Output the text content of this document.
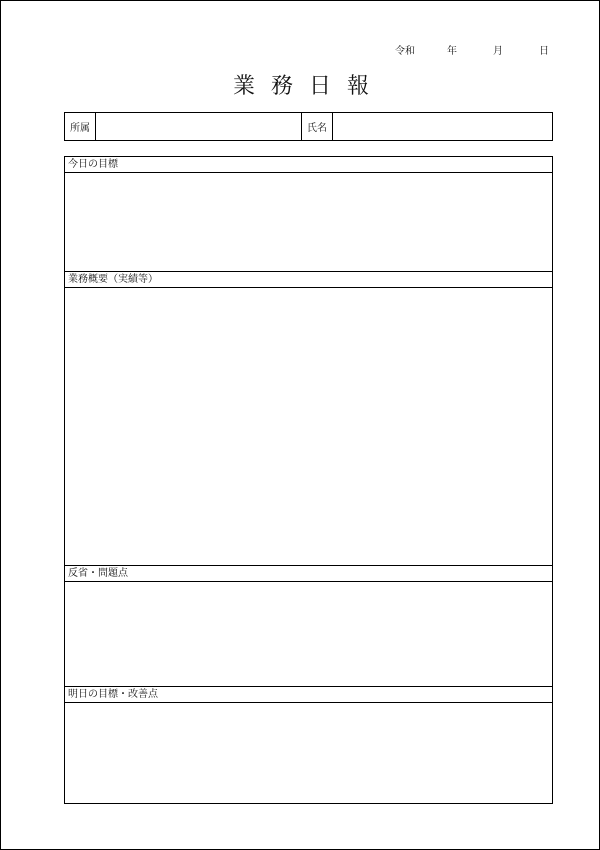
令和	年	月	日
業務日報
所属	氏名
今日の目標
業務概要（実績等）
反省・問題点
明日の目標・改善点
